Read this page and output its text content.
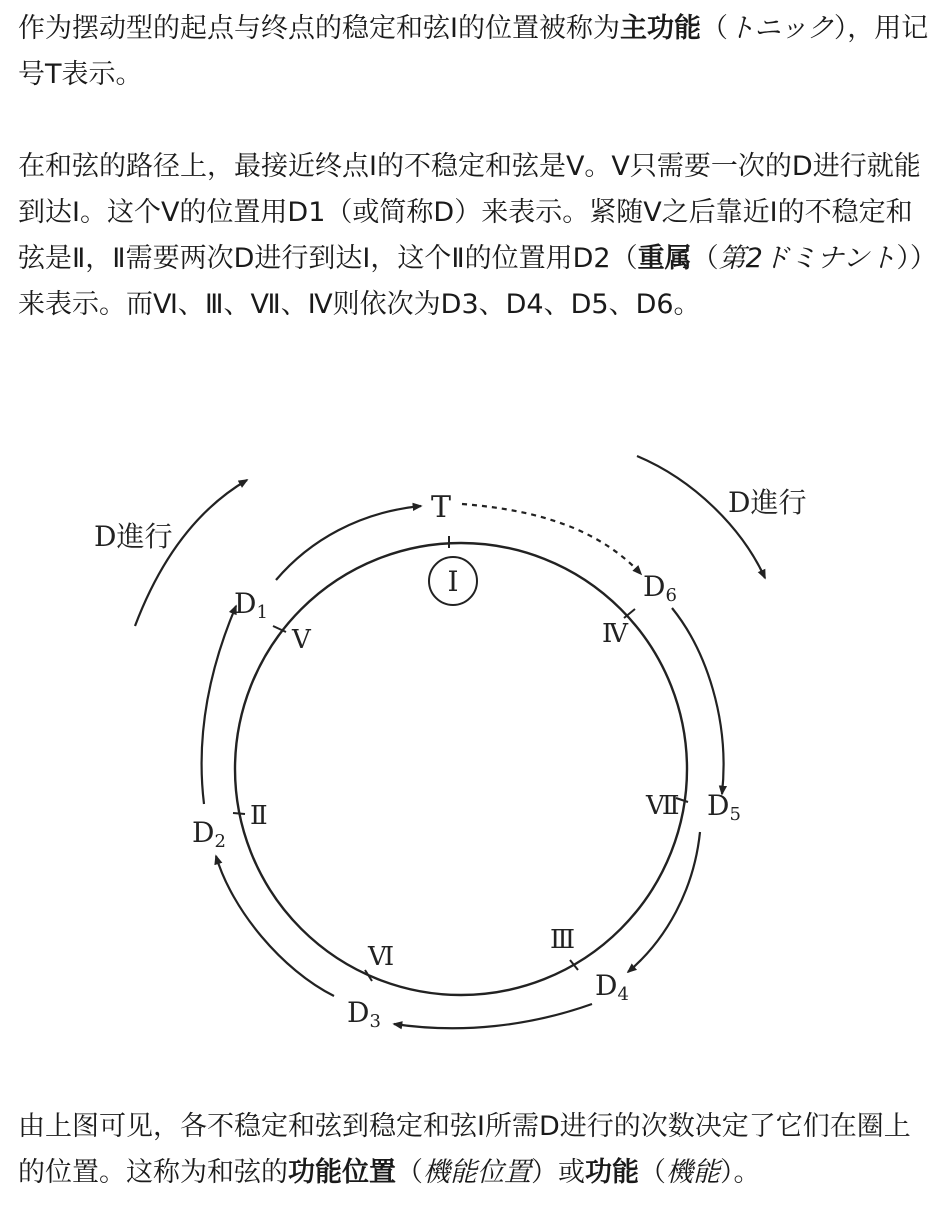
作为摆动型的起点与终点的稳定和弦Ⅰ的位置被称为主功能（トニック），用记号T表示。

在和弦的路径上，最接近终点Ⅰ的不稳定和弦是Ⅴ。Ⅴ只需要一次的D进行就能到达Ⅰ。这个Ⅴ的位置用D1（或简称D）来表示。紧随Ⅴ之后靠近Ⅰ的不稳定和弦是Ⅱ，Ⅱ需要两次D进行到达Ⅰ，这个Ⅱ的位置用D2（重属（第2ドミナント））来表示。而Ⅵ、Ⅲ、Ⅶ、Ⅳ则依次为D3、D4、D5、D6。

Ⅰ
T
Ⅴ
Ⅱ
Ⅵ
Ⅲ
Ⅶ
Ⅳ
D1
D2
D3
D4
D5
D6
D進行
D進行

由上图可见，各不稳定和弦到稳定和弦Ⅰ所需D进行的次数决定了它们在圈上的位置。这称为和弦的功能位置（機能位置）或功能（機能）。
